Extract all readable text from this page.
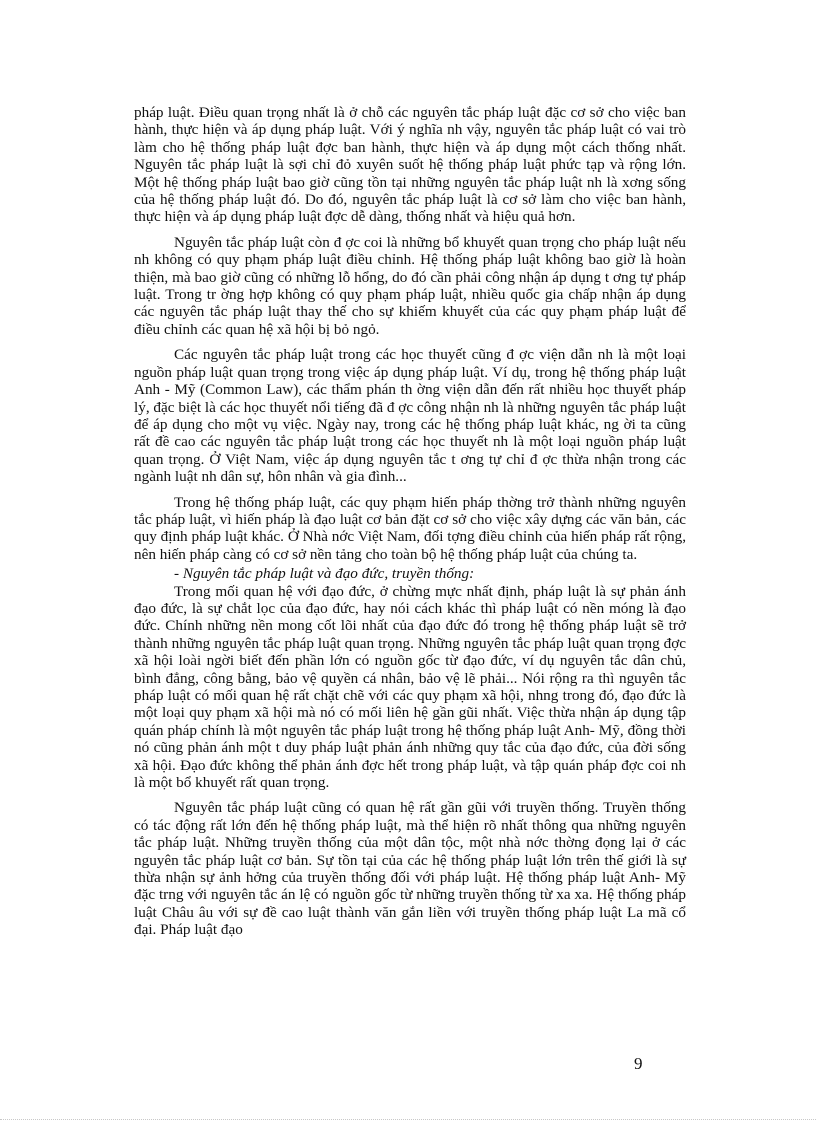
pháp luật. Điều quan trọng nhất là ở chỗ các nguyên tắc pháp luật đặc cơ sở cho việc ban hành, thực hiện và áp dụng pháp luật. Với ý nghĩa nh vậy, nguyên tắc pháp luật có vai trò làm cho hệ thống pháp luật đợc ban hành, thực hiện và áp dụng một cách thống nhất. Nguyên tắc pháp luật là sợi chỉ đỏ xuyên suốt hệ thống pháp luật phức tạp và rộng lớn. Một hệ thống pháp luật bao giờ cũng tồn tại những nguyên tắc pháp luật nh là xơng sống của hệ thống pháp luật đó. Do đó, nguyên tắc pháp luật là cơ sở làm cho việc ban hành, thực hiện và áp dụng pháp luật đợc dễ dàng, thống nhất và hiệu quả hơn.

Nguyên tắc pháp luật còn đ ợc coi là những bổ khuyết quan trọng cho pháp luật nếu nh không có quy phạm pháp luật điều chỉnh. Hệ thống pháp luật không bao giờ là hoàn thiện, mà bao giờ cũng có những lỗ hổng, do đó cần phải công nhận áp dụng t ơng tự pháp luật. Trong tr ờng hợp không có quy phạm pháp luật, nhiều quốc gia chấp nhận áp dụng các nguyên tắc pháp luật thay thế cho sự khiếm khuyết của các quy phạm pháp luật để điều chỉnh các quan hệ xã hội bị bỏ ngỏ.

Các nguyên tắc pháp luật trong các học thuyết cũng đ ợc viện dẫn nh là một loại nguồn pháp luật quan trọng trong việc áp dụng pháp luật. Ví dụ, trong hệ thống pháp luật Anh - Mỹ (Common Law), các thẩm phán th ờng viện dẫn đến rất nhiều học thuyết pháp lý, đặc biệt là các học thuyết nổi tiếng đã đ ợc công nhận nh là những nguyên tắc pháp luật để áp dụng cho một vụ việc. Ngày nay, trong các hệ thống pháp luật khác, ng ời ta cũng rất đề cao các nguyên tắc pháp luật trong các học thuyết nh là một loại nguồn pháp luật quan trọng. Ở Việt Nam, việc áp dụng nguyên tắc t ơng tự chỉ đ ợc thừa nhận trong các ngành luật nh dân sự, hôn nhân và gia đình...

Trong hệ thống pháp luật, các quy phạm hiến pháp thờng trở thành những nguyên tắc pháp luật, vì hiến pháp là đạo luật cơ bản đặt cơ sở cho việc xây dựng các văn bản, các quy định pháp luật khác. Ở Nhà nớc Việt Nam, đối tợng điều chỉnh của hiến pháp rất rộng, nên hiến pháp càng có cơ sở nền tảng cho toàn bộ hệ thống pháp luật của chúng ta.

- Nguyên tắc pháp luật và đạo đức, truyền thống:

Trong mối quan hệ với đạo đức, ở chừng mực nhất định, pháp luật là sự phản ánh đạo đức, là sự chắt lọc của đạo đức, hay nói cách khác thì pháp luật có nền móng là đạo đức. Chính những nền mong cốt lõi nhất của đạo đức đó trong hệ thống pháp luật sẽ trở thành những nguyên tắc pháp luật quan trọng. Những nguyên tắc pháp luật quan trọng đợc xã hội loài ngời biết đến phần lớn có nguồn gốc từ đạo đức, ví dụ nguyên tắc dân chủ, bình đẳng, công bằng, bảo vệ quyền cá nhân, bảo vệ lẽ phải... Nói rộng ra thì nguyên tắc pháp luật có mối quan hệ rất chặt chẽ với các quy phạm xã hội, nhng trong đó, đạo đức là một loại quy phạm xã hội mà nó có mối liên hệ gần gũi nhất. Việc thừa nhận áp dụng tập quán pháp chính là một nguyên tắc pháp luật trong hệ thống pháp luật Anh- Mỹ, đồng thời nó cũng phản ánh một t duy pháp luật phản ánh những quy tắc của đạo đức, của đời sống xã hội. Đạo đức không thể phản ánh đợc hết trong pháp luật, và tập quán pháp đợc coi nh là một bổ khuyết rất quan trọng.

Nguyên tắc pháp luật cũng có quan hệ rất gần gũi với truyền thống. Truyền thống có tác động rất lớn đến hệ thống pháp luật, mà thể hiện rõ nhất thông qua những nguyên tắc pháp luật. Những truyền thống của một dân tộc, một nhà nớc thờng đọng lại ở các nguyên tắc pháp luật cơ bản. Sự tồn tại của các hệ thống pháp luật lớn trên thế giới là sự thừa nhận sự ảnh hởng của truyền thống đối với pháp luật. Hệ thống pháp luật Anh- Mỹ đặc trng với nguyên tắc án lệ có nguồn gốc từ những truyền thống từ xa xa. Hệ thống pháp luật Châu âu với sự đề cao luật thành văn gắn liền với truyền thống pháp luật La mã cổ đại. Pháp luật đạo

9
